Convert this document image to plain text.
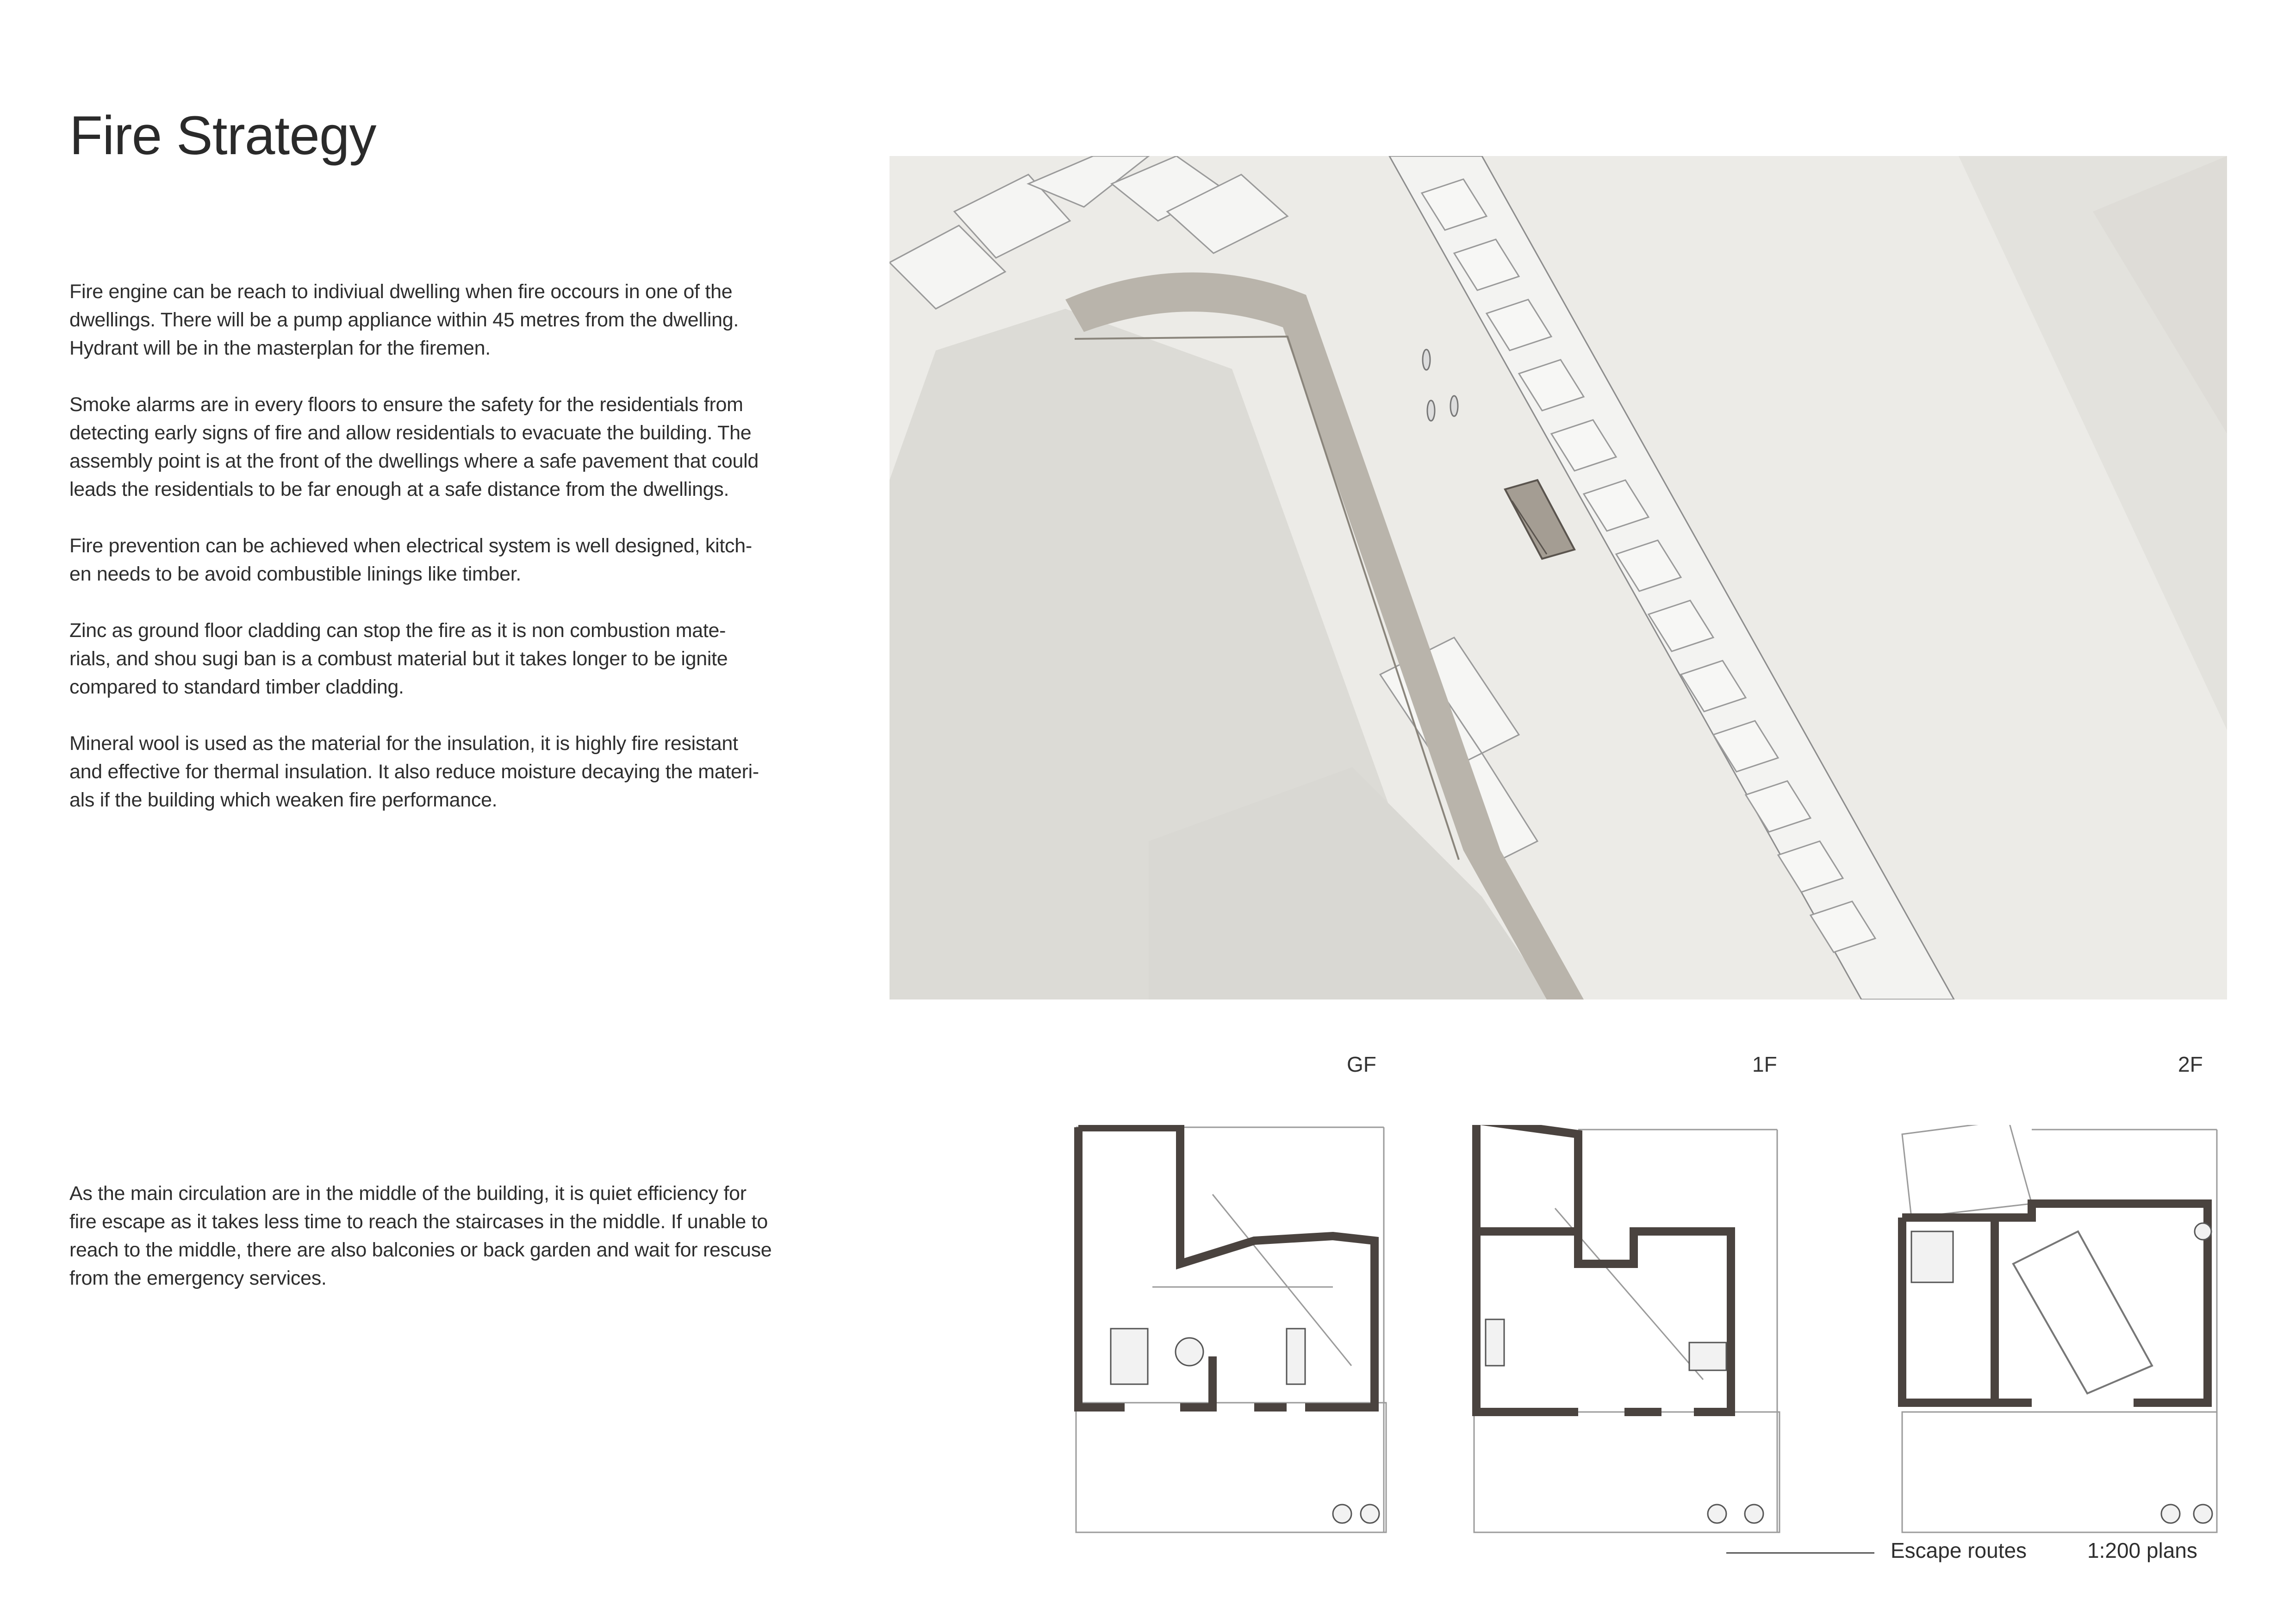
Fire Strategy

Fire engine can be reach to indiviual dwelling when fire occours in one of the
dwellings. There will be a pump appliance within 45 metres from the dwelling.
Hydrant will be in the masterplan for the firemen.

Smoke alarms are in every floors to ensure the safety for the residentials from
detecting early signs of fire and allow residentials to evacuate the building. The
assembly point is at the front of the dwellings where a safe pavement that could
leads the residentials to be far enough at a safe distance from the dwellings.

Fire prevention can be achieved when electrical system is well designed, kitch-
en needs to be avoid combustible linings like timber.

Zinc as ground floor cladding can stop the fire as it is non combustion mate-
rials, and shou sugi ban is a combust material but it takes longer to be ignite
compared to standard timber cladding.

Mineral wool is used as the material for the insulation, it is highly fire resistant
and effective for thermal insulation. It also reduce moisture decaying the materi-
als if the building which weaken fire performance.

As the main circulation are in the middle of the building, it is quiet efficiency for
fire escape as it takes less time to reach the staircases in the middle. If unable to
reach to the middle, there are also balconies or back garden and wait for rescuse
from the emergency services.

GF	1F	2F
Escape routes	1:200 plans
